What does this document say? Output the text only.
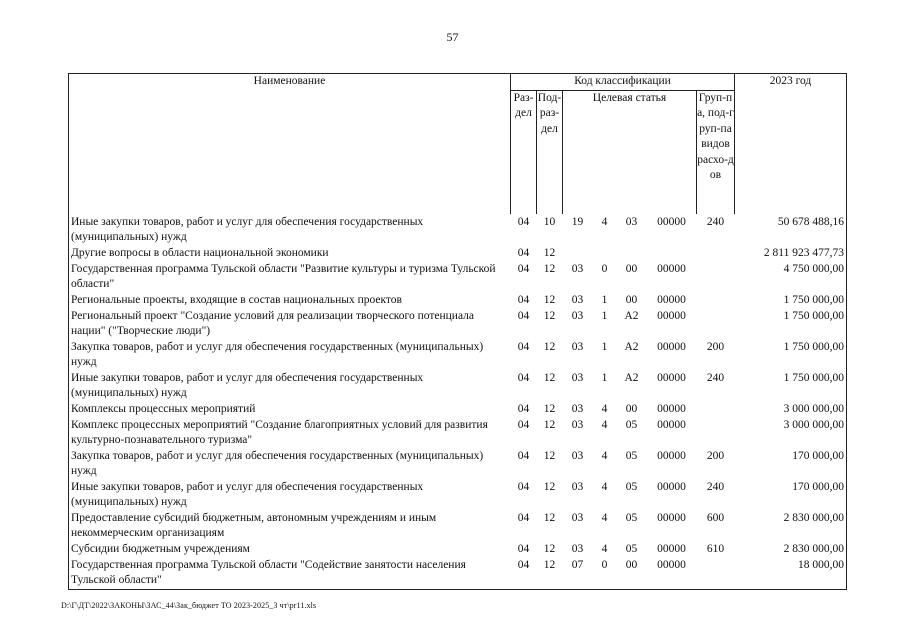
57
Наименование	Код классификации							2023 год
	Раз-дел	Под-раз-дел	Целевая статья				Груп-па, под-груп-па видов расхо-дов	
Иные закупки товаров, работ и услуг для обеспечения государственных (муниципальных) нужд	04	10	19	4	03	00000	240	50 678 488,16
Другие вопросы в области национальной экономики	04	12						2 811 923 477,73
Государственная программа Тульской области "Развитие культуры и туризма Тульской области"	04	12	03	0	00	00000		4 750 000,00
Региональные проекты, входящие в состав национальных проектов	04	12	03	1	00	00000		1 750 000,00
Региональный проект "Создание условий для реализации творческого потенциала нации" ("Творческие люди")	04	12	03	1	А2	00000		1 750 000,00
Закупка товаров, работ и услуг для обеспечения государственных (муниципальных) нужд	04	12	03	1	А2	00000	200	1 750 000,00
Иные закупки товаров, работ и услуг для обеспечения государственных (муниципальных) нужд	04	12	03	1	А2	00000	240	1 750 000,00
Комплексы процессных мероприятий	04	12	03	4	00	00000		3 000 000,00
Комплекс процессных мероприятий "Создание благоприятных условий для развития культурно-познавательного туризма"	04	12	03	4	05	00000		3 000 000,00
Закупка товаров, работ и услуг для обеспечения государственных (муниципальных) нужд	04	12	03	4	05	00000	200	170 000,00
Иные закупки товаров, работ и услуг для обеспечения государственных (муниципальных) нужд	04	12	03	4	05	00000	240	170 000,00
Предоставление субсидий бюджетным, автономным учреждениям и иным некоммерческим организациям	04	12	03	4	05	00000	600	2 830 000,00
Субсидии бюджетным учреждениям	04	12	03	4	05	00000	610	2 830 000,00
Государственная программа Тульской области "Содействие занятости населения Тульской области"	04	12	07	0	00	00000		18 000,00
D:\Г\ДТ\2022\ЗАКОНЫ\ЗАС_44\Зак_бюджет ТО 2023-2025_3 чт\pr11.xls
